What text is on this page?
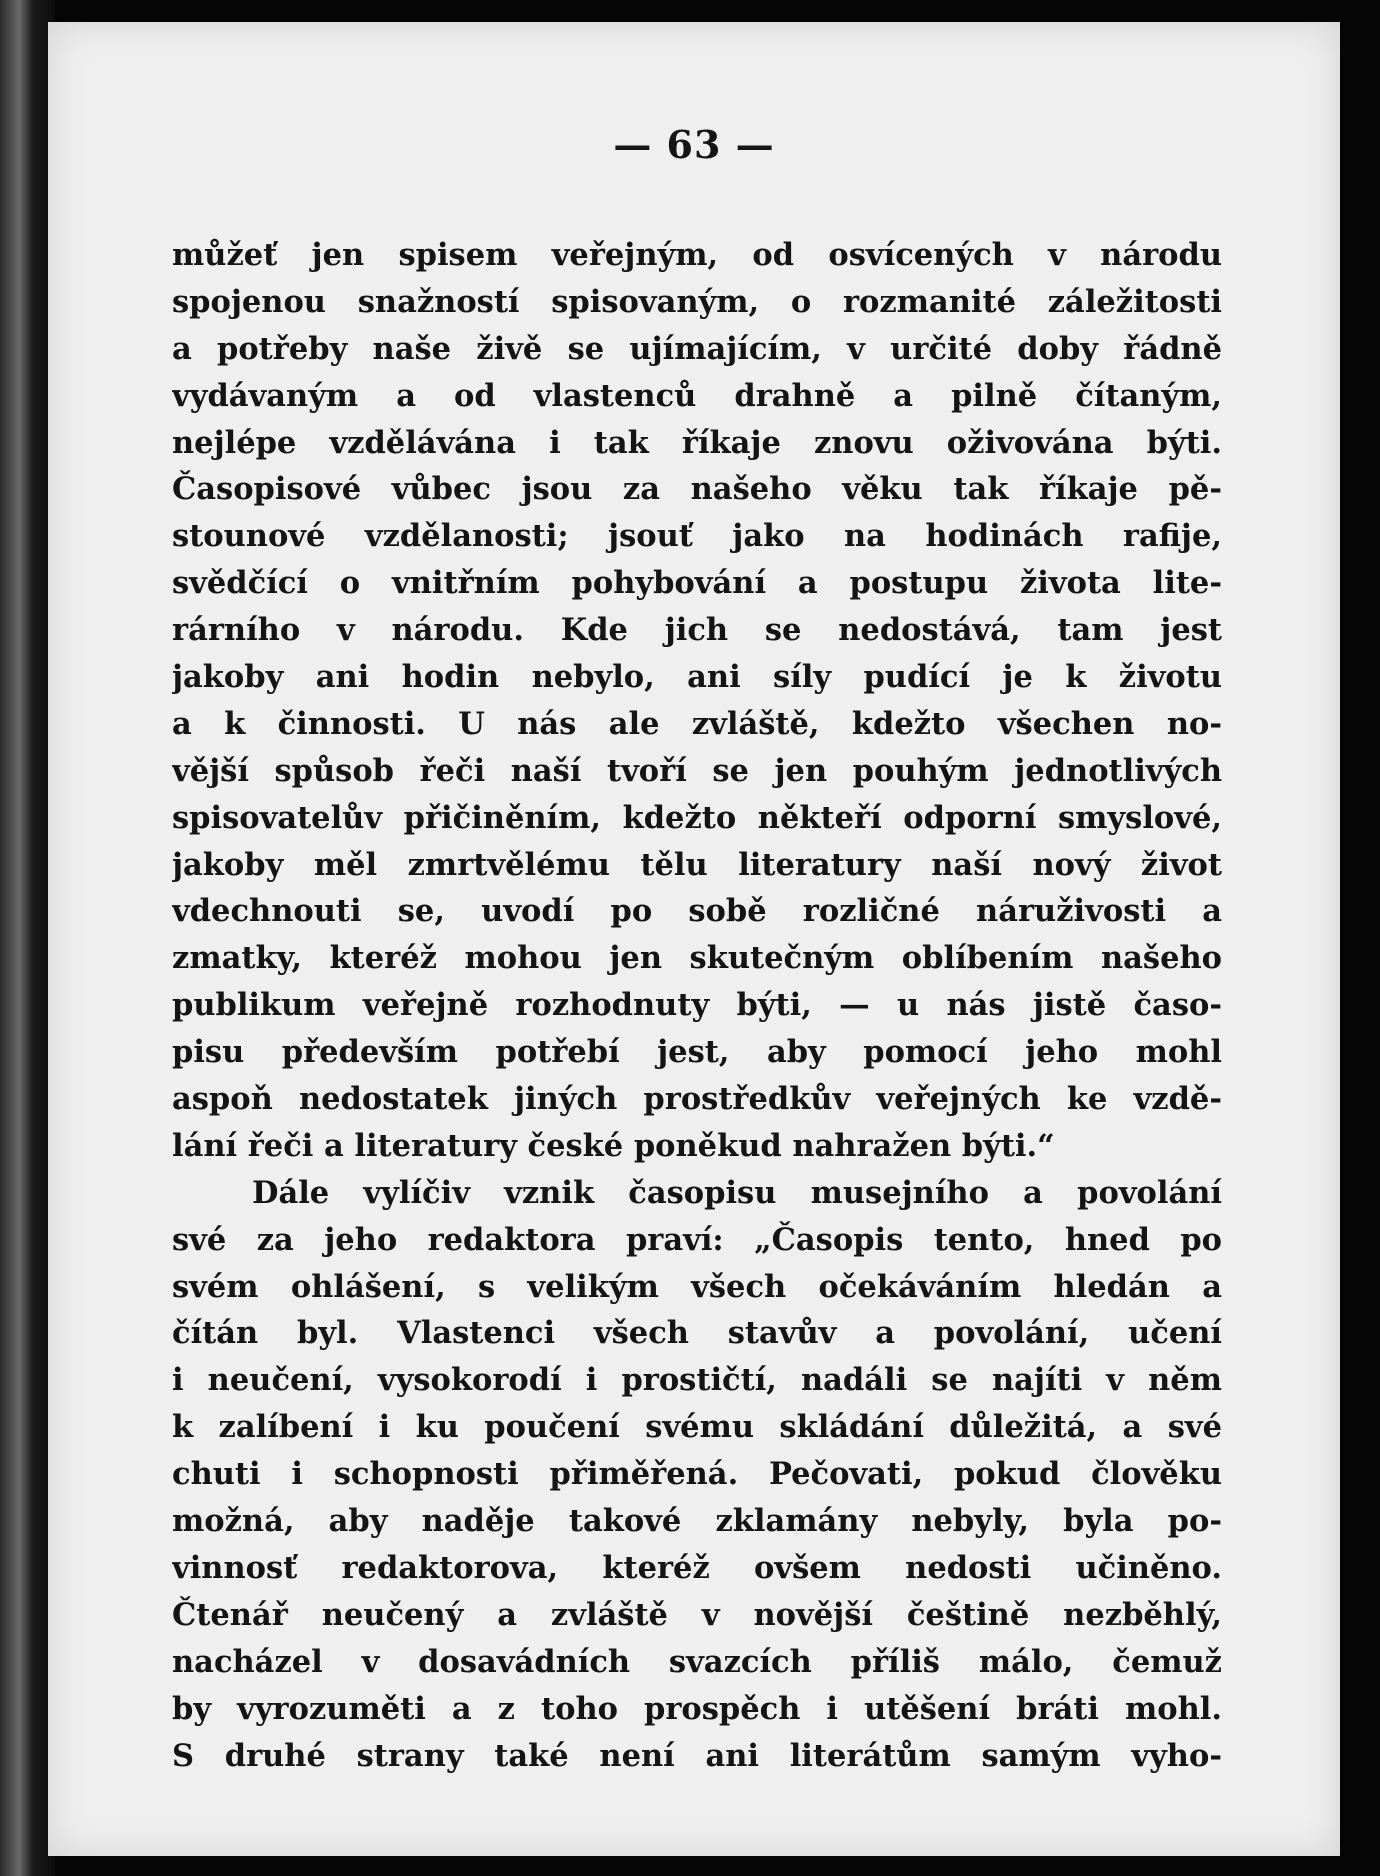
— 63 —
můžeť jen spisem veřejným, od osvícených v národu
spojenou snažností spisovaným, o rozmanité záležitosti
a potřeby naše živě se ujímajícím, v určité doby řádně
vydávaným a od vlastenců drahně a pilně čítaným,
nejlépe vzdělávána i tak říkaje znovu oživována býti.
Časopisové vůbec jsou za našeho věku tak říkaje pě-
stounové vzdělanosti; jsouť jako na hodinách rafije,
svědčící o vnitřním pohybování a postupu života lite-
rárního v národu. Kde jich se nedostává, tam jest
jakoby ani hodin nebylo, ani síly pudící je k životu
a k činnosti. U nás ale zvláště, kdežto všechen no-
vější spůsob řeči naší tvoří se jen pouhým jednotlivých
spisovatelův přičiněním, kdežto někteří odporní smyslové,
jakoby měl zmrtvělému tělu literatury naší nový život
vdechnouti se, uvodí po sobě rozličné náruživosti a
zmatky, kteréž mohou jen skutečným oblíbením našeho
publikum veřejně rozhodnuty býti, — u nás jistě časo-
pisu především potřebí jest, aby pomocí jeho mohl
aspoň nedostatek jiných prostředkův veřejných ke vzdě-
lání řeči a literatury české poněkud nahražen býti.“
Dále vylíčiv vznik časopisu musejního a povolání
své za jeho redaktora praví: „Časopis tento, hned po
svém ohlášení, s velikým všech očekáváním hledán a
čítán byl. Vlastenci všech stavův a povolání, učení
i neučení, vysokorodí i prostičtí, nadáli se najíti v něm
k zalíbení i ku poučení svému skládání důležitá, a své
chuti i schopnosti přiměřená. Pečovati, pokud člověku
možná, aby naděje takové zklamány nebyly, byla po-
vinnosť redaktorova, kteréž ovšem nedosti učiněno.
Čtenář neučený a zvláště v novější češtině nezběhlý,
nacházel v dosavádních svazcích příliš málo, čemuž
by vyrozuměti a z toho prospěch i utěšení bráti mohl.
S druhé strany také není ani literátům samým vyho-
